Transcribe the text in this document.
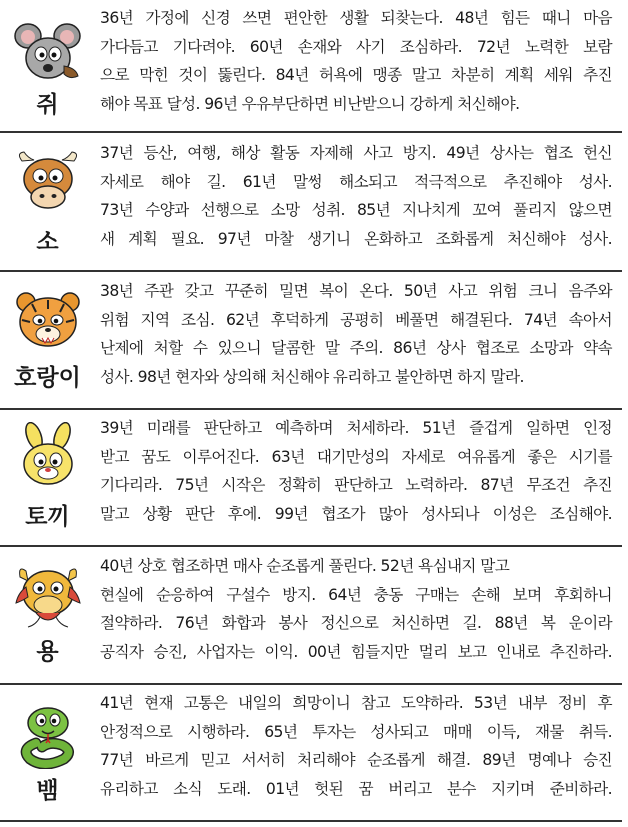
쥐
36년 가정에 신경 쓰면 편안한 생활 되찾는다. 48년 힘든 때니 마음
가다듬고 기다려야. 60년 손재와 사기 조심하라. 72년 노력한 보람
으로 막힌 것이 뚫린다. 84년 허욕에 맹종 말고 차분히 계획 세워 추진
해야 목표 달성. 96년 우유부단하면 비난받으니 강하게 처신해야.
소
37년 등산, 여행, 해상 활동 자제해 사고 방지. 49년 상사는 협조 헌신
자세로 해야 길. 61년 말썽 해소되고 적극적으로 추진해야 성사.
73년 수양과 선행으로 소망 성취. 85년 지나치게 꼬여 풀리지 않으면
새 계획 필요. 97년 마찰 생기니 온화하고 조화롭게 처신해야 성사.
호랑이
38년 주관 갖고 꾸준히 밀면 복이 온다. 50년 사고 위험 크니 음주와
위험 지역 조심. 62년 후덕하게 공평히 베풀면 해결된다. 74년 속아서
난제에 처할 수 있으니 달콤한 말 주의. 86년 상사 협조로 소망과 약속
성사. 98년 현자와 상의해 처신해야 유리하고 불안하면 하지 말라.
토끼
39년 미래를 판단하고 예측하며 처세하라. 51년 즐겁게 일하면 인정
받고 꿈도 이루어진다. 63년 대기만성의 자세로 여유롭게 좋은 시기를
기다리라. 75년 시작은 정확히 판단하고 노력하라. 87년 무조건 추진
말고 상황 판단 후에. 99년 협조가 많아 성사되나 이성은 조심해야.
용
40년 상호 협조하면 매사 순조롭게 풀린다. 52년 욕심내지 말고
현실에 순응하여 구설수 방지. 64년 충동 구매는 손해 보며 후회하니
절약하라. 76년 화합과 봉사 정신으로 처신하면 길. 88년 복 운이라
공직자 승진, 사업자는 이익. 00년 힘들지만 멀리 보고 인내로 추진하라.
뱀
41년 현재 고통은 내일의 희망이니 참고 도약하라. 53년 내부 정비 후
안정적으로 시행하라. 65년 투자는 성사되고 매매 이득, 재물 취득.
77년 바르게 믿고 서서히 처리해야 순조롭게 해결. 89년 명예나 승진
유리하고 소식 도래. 01년 헛된 꿈 버리고 분수 지키며 준비하라.
